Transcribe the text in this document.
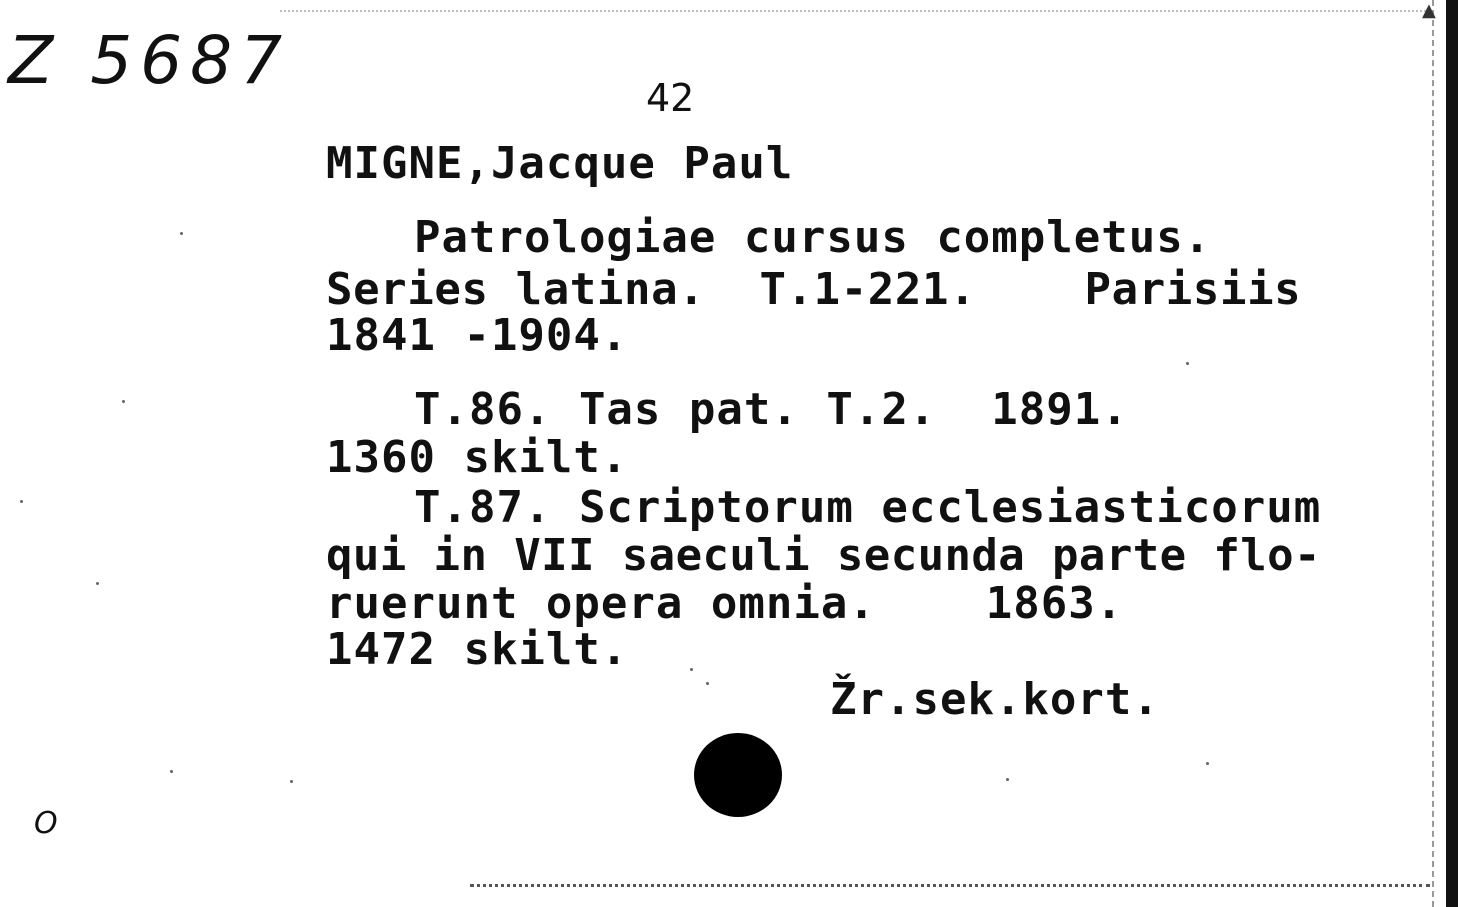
▲
Z 5687	42
MIGNE,Jacque Paul
Patrologiae cursus completus.
Series latina.  T.1-221.    Parisiis
1841 -1904.
T.86. Tas pat. T.2.  1891.
1360 skilt.
T.87. Scriptorum ecclesiasticorum
qui in VII saeculi secunda parte flo-
ruerunt opera omnia.    1863.
1472 skilt.
Žr.sek.kort.
O
